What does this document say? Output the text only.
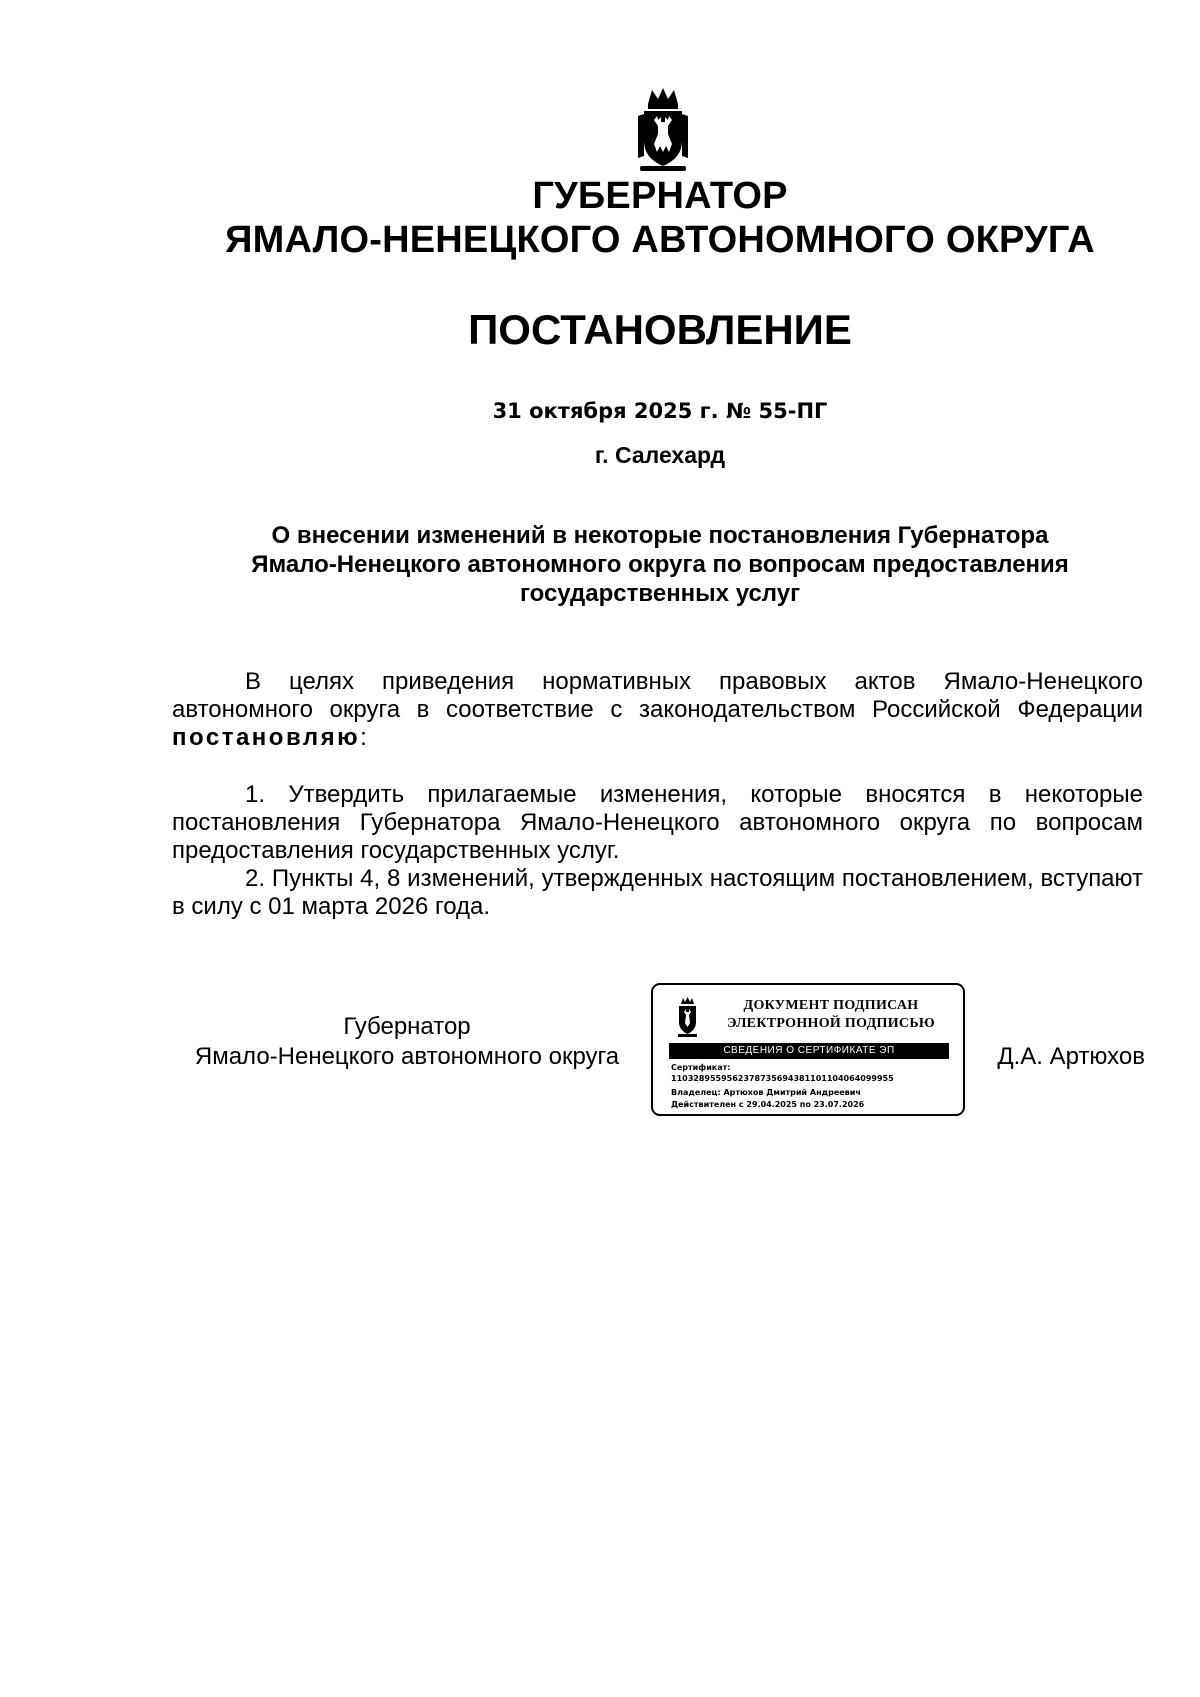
ГУБЕРНАТОР
ЯМАЛО-НЕНЕЦКОГО АВТОНОМНОГО ОКРУГА
ПОСТАНОВЛЕНИЕ
31 октября 2025 г. № 55-ПГ
г. Салехард
О внесении изменений в некоторые постановления Губернатора
Ямало-Ненецкого автономного округа по вопросам предоставления
государственных услуг

В целях приведения нормативных правовых актов Ямало-Ненецкого автономного округа в соответствие с законодательством Российской Федерации постановляю:

1. Утвердить прилагаемые изменения, которые вносятся в некоторые постановления Губернатора Ямало-Ненецкого автономного округа по вопросам предоставления государственных услуг.

2. Пункты 4, 8 изменений, утвержденных настоящим постановлением, вступают в силу с 01 марта 2026 года.

Губернатор
Ямало-Ненецкого автономного округа
ДОКУМЕНТ ПОДПИСАН
ЭЛЕКТРОННОЙ ПОДПИСЬЮ
СВЕДЕНИЯ О СЕРТИФИКАТЕ ЭП
Сертификат:
1103289559562378735694381101104064099955
Владелец: Артюхов Дмитрий Андреевич
Действителен с 29.04.2025 по 23.07.2026
Д.А. Артюхов
